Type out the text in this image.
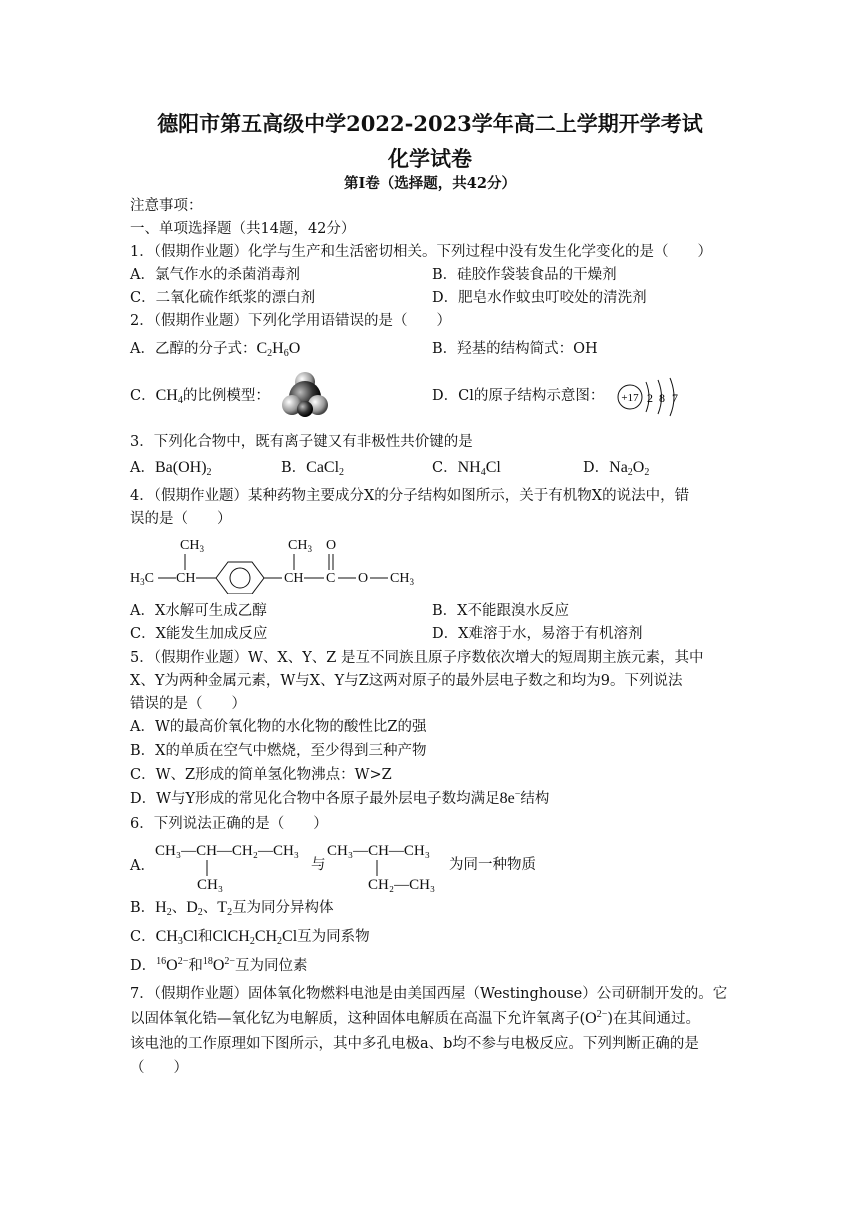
德阳市第五高级中学2022-2023学年高二上学期开学考试
化学试卷
第Ⅰ卷（选择题，共42分）
注意事项：
一、单项选择题（共14题，42分）
1．（假期作业题）化学与生产和生活密切相关。下列过程中没有发生化学变化的是（　　）
A．氯气作水的杀菌消毒剂	B．硅胶作袋装食品的干燥剂
C．二氧化硫作纸浆的漂白剂	D．肥皂水作蚊虫叮咬处的清洗剂
2．（假期作业题）下列化学用语错误的是（　　）
A．乙醇的分子式：$C_2H_6O$	B．羟基的结构简式：OH
C．$CH_4$的比例模型：	D．Cl的原子结构示意图： +17 2 8 7
3．下列化合物中，既有离子键又有非极性共价键的是
A．$Ba(OH)_2$	B．CaCl$_2$	C．$NH_4Cl$	D．$Na_2O_2$
4．（假期作业题）某种药物主要成分X的分子结构如图所示，关于有机物X的说法中，错
误的是（　　）
$CH_3$
$H_3C$ CH
$CH_3$
CH
O
C O $CH_3$
A．X水解可生成乙醇	B．X不能跟溴水反应
C．X能发生加成反应	D．X难溶于水，易溶于有机溶剂
5．（假期作业题）W、X、Y、Z 是互不同族且原子序数依次增大的短周期主族元素，其中
X、Y为两种金属元素，W与X、Y与Z这两对原子的最外层电子数之和均为9。下列说法
错误的是（　　）
A．W的最高价氧化物的水化物的酸性比Z的强
B．X的单质在空气中燃烧，至少得到三种产物
C．W、Z形成的简单氢化物沸点：W>Z
D．W与Y形成的常见化合物中各原子最外层电子数均满足8e−结构
6．下列说法正确的是（　　）
A．
CH₃—CH—CH₂—CH₃
CH₃
与
CH₃—CH—CH₃
CH₂—CH₃
为同一种物质
B．$H_2$、$D_2$、$T_2$互为同分异构体
C．$CH_3Cl$和$ClCH_2CH_2Cl$互为同系物
D．$^{16}O^{2-}$和$^{18}O^{2-}$互为同位素
7．（假期作业题）固体氧化物燃料电池是由美国西屋（Westinghouse）公司研制开发的。它
以固体氧化锆—氧化钇为电解质，这种固体电解质在高温下允许氧离子$(O^{2-})$在其间通过。
该电池的工作原理如下图所示，其中多孔电极a、b均不参与电极反应。下列判断正确的是
（　　）
